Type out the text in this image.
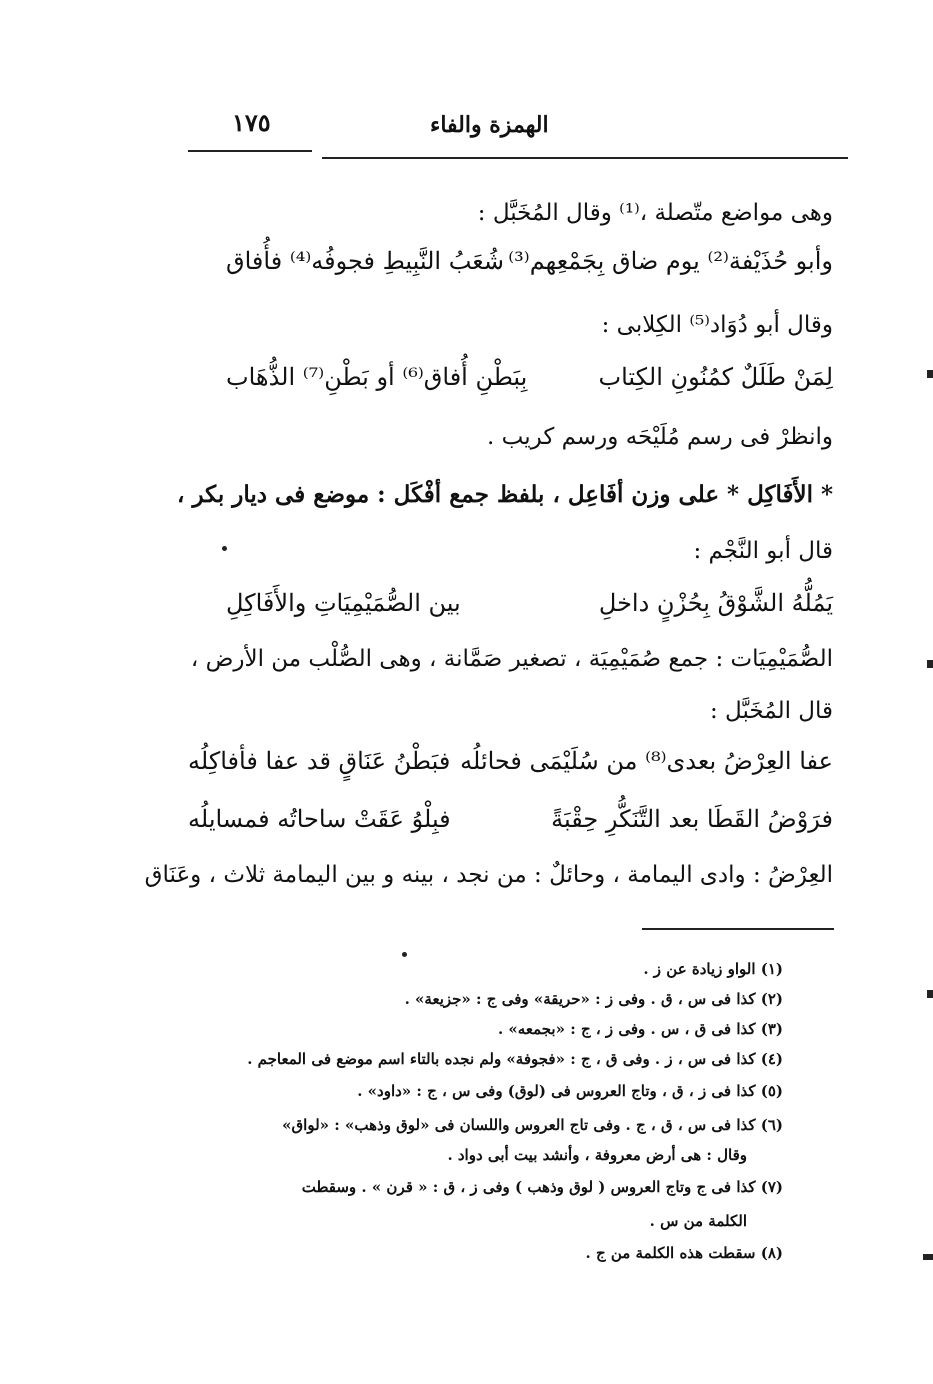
الهمزة والفاء
١٧٥
وهى مواضع متّصلة ،⁽¹⁾ وقال المُخَبَّل :
وأبو حُذَيْفة⁽²⁾ يوم ضاق بِجَمْعِهم⁽³⁾
شُعَبُ النَّبِيطِ فجوفُه⁽⁴⁾ فأُفاق
وقال أبو دُوَاد⁽⁵⁾ الكِلابى :
لِمَنْ طَلَلٌ كمُنُونِ الكِتاب
بِبَطْنِ أُفاق⁽⁶⁾ أو بَطْنِ⁽⁷⁾ الذُّهَاب
وانظرْ فى رسم مُلَيْحَه ورسم كريب .
* الأَفَاكِل * على وزن أفَاعِل ، بلفظ جمع أفْكَل : موضع فى ديار بكر ،
قال أبو النَّجْم :
يَمُلُّهُ الشَّوْقُ بِحُزْنٍ داخلِ
بين الصُّمَيْمِيَاتِ والأَفَاكِلِ
الصُّمَيْمِيَات : جمع صُمَيْمِيَة ، تصغير صَمَّانة ، وهى الصُّلْب من الأرض ،
قال المُخَبَّل :
عفا العِرْضُ بعدى⁽⁸⁾ من سُلَيْمَى فحائلُه
فبَطْنُ عَنَاقٍ قد عفا فأفاكِلُه
فرَوْضُ القَطَا بعد التَّنَكُّرِ حِقْبَةً
فبِلْوُ عَقَتْ ساحاتُه فمسايلُه
العِرْضُ : وادى اليمامة ، وحائلٌ : من نجد ، بينه و بين اليمامة ثلاث ، وعَنَاق
(١) الواو زيادة عن ز .
(٢) كذا فى س ، ق . وفى ز : «حريقة» وفى ج : «جزيعة» .
(٣) كذا فى ق ، س . وفى ز ، ج : «بجمعه» .
(٤) كذا فى س ، ز . وفى ق ، ج : «فجوفة» ولم نجده بالتاء اسم موضع فى المعاجم .
(٥) كذا فى ز ، ق ، وتاج العروس فى (لوق) وفى س ، ج : «داود» .
(٦) كذا فى س ، ق ، ج . وفى تاج العروس واللسان فى «لوق وذهب» : «لواق»
وقال : هى أرض معروفة ، وأنشد بيت أبى دواد .
(٧) كذا فى ج وتاج العروس ( لوق وذهب ) وفى ز ، ق : « قرن » . وسقطت
الكلمة من س .
(٨) سقطت هذه الكلمة من ج .
